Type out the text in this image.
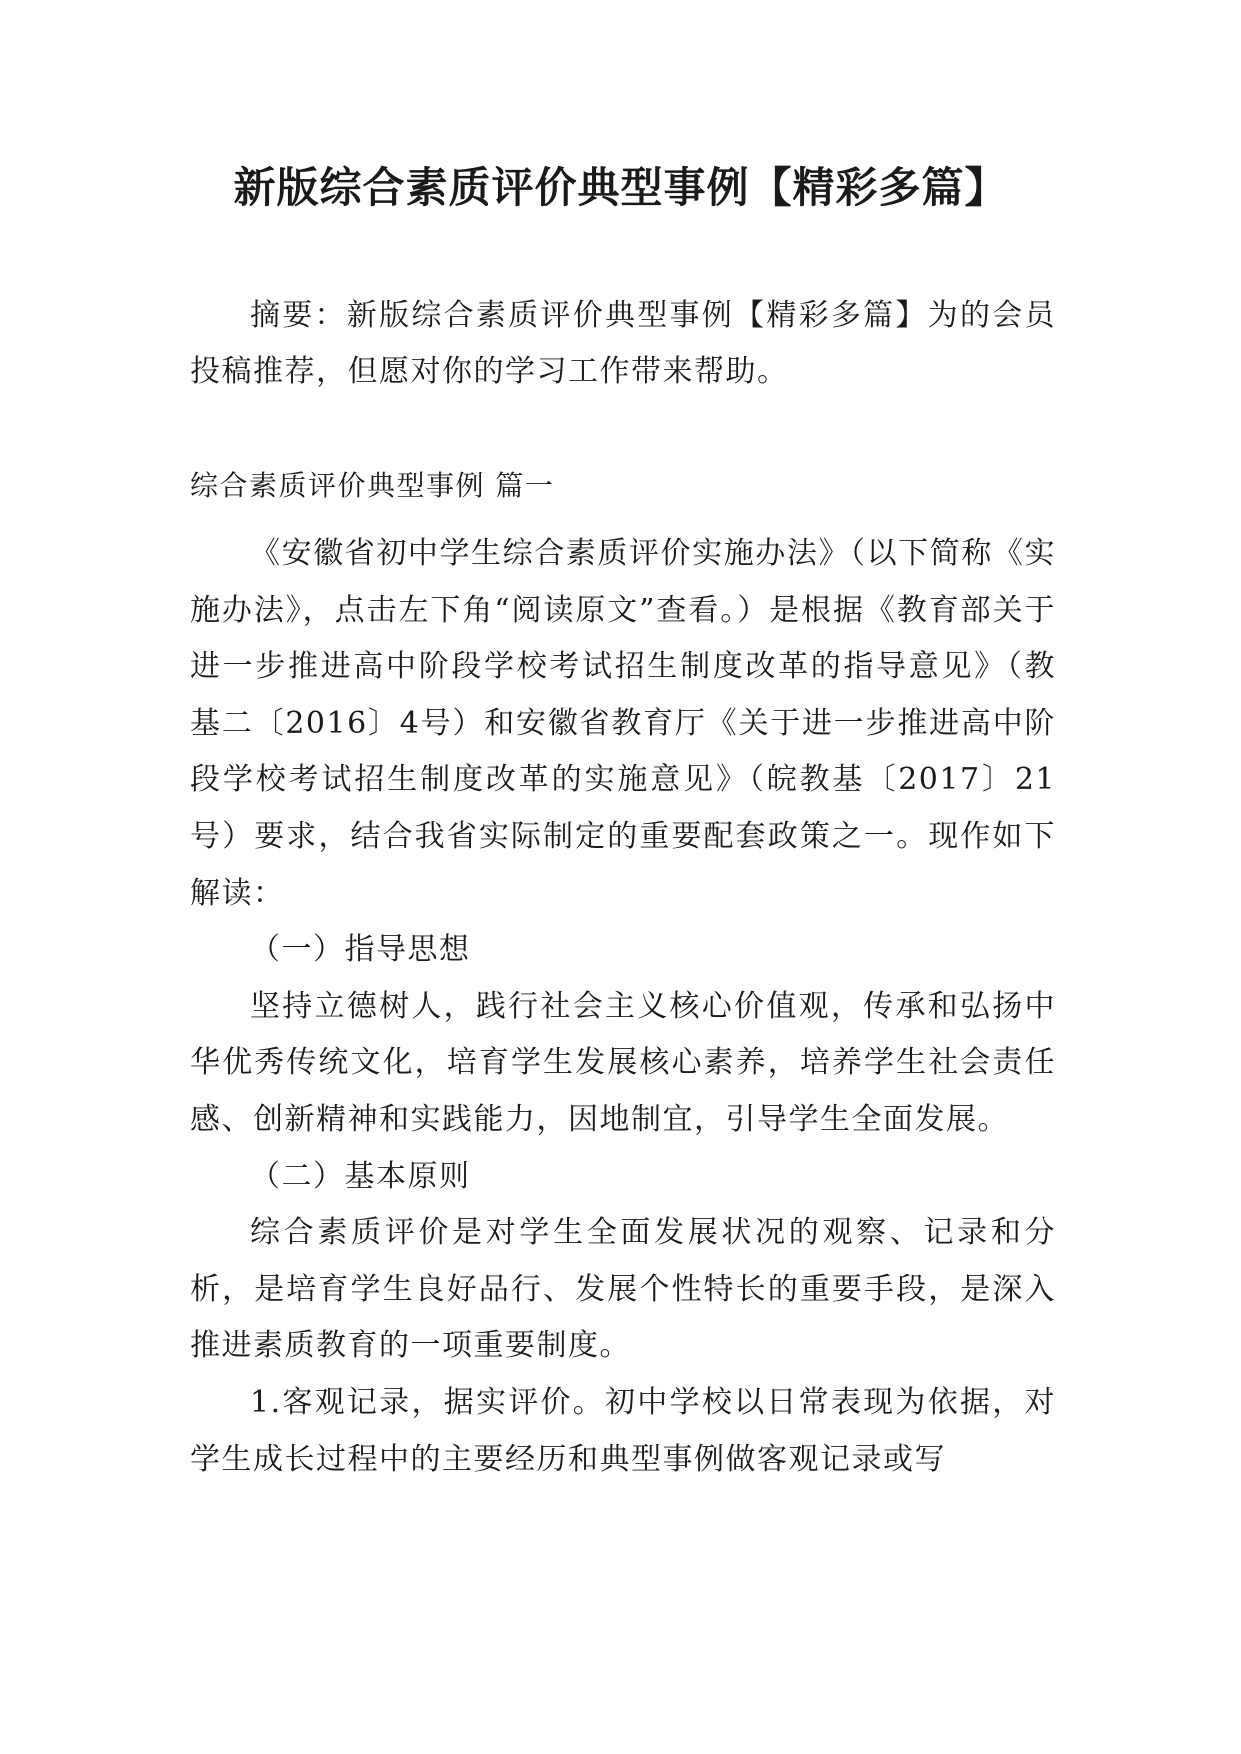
新版综合素质评价典型事例【精彩多篇】
摘要：新版综合素质评价典型事例【精彩多篇】为的会员投稿推荐，但愿对你的学习工作带来帮助。
综合素质评价典型事例 篇一

《安徽省初中学生综合素质评价实施办法》（以下简称《实施办法》，点击左下角“阅读原文”查看。）是根据《教育部关于进一步推进高中阶段学校考试招生制度改革的指导意见》（教基二〔2016〕4号）和安徽省教育厅《关于进一步推进高中阶段学校考试招生制度改革的实施意见》（皖教基〔2017〕21号）要求，结合我省实际制定的重要配套政策之一。现作如下解读：

（一）指导思想

坚持立德树人，践行社会主义核心价值观，传承和弘扬中华优秀传统文化，培育学生发展核心素养，培养学生社会责任感、创新精神和实践能力，因地制宜，引导学生全面发展。

（二）基本原则

综合素质评价是对学生全面发展状况的观察、记录和分析，是培育学生良好品行、发展个性特长的重要手段，是深入推进素质教育的一项重要制度。

1.客观记录，据实评价。初中学校以日常表现为依据，对学生成长过程中的主要经历和典型事例做客观记录或写
